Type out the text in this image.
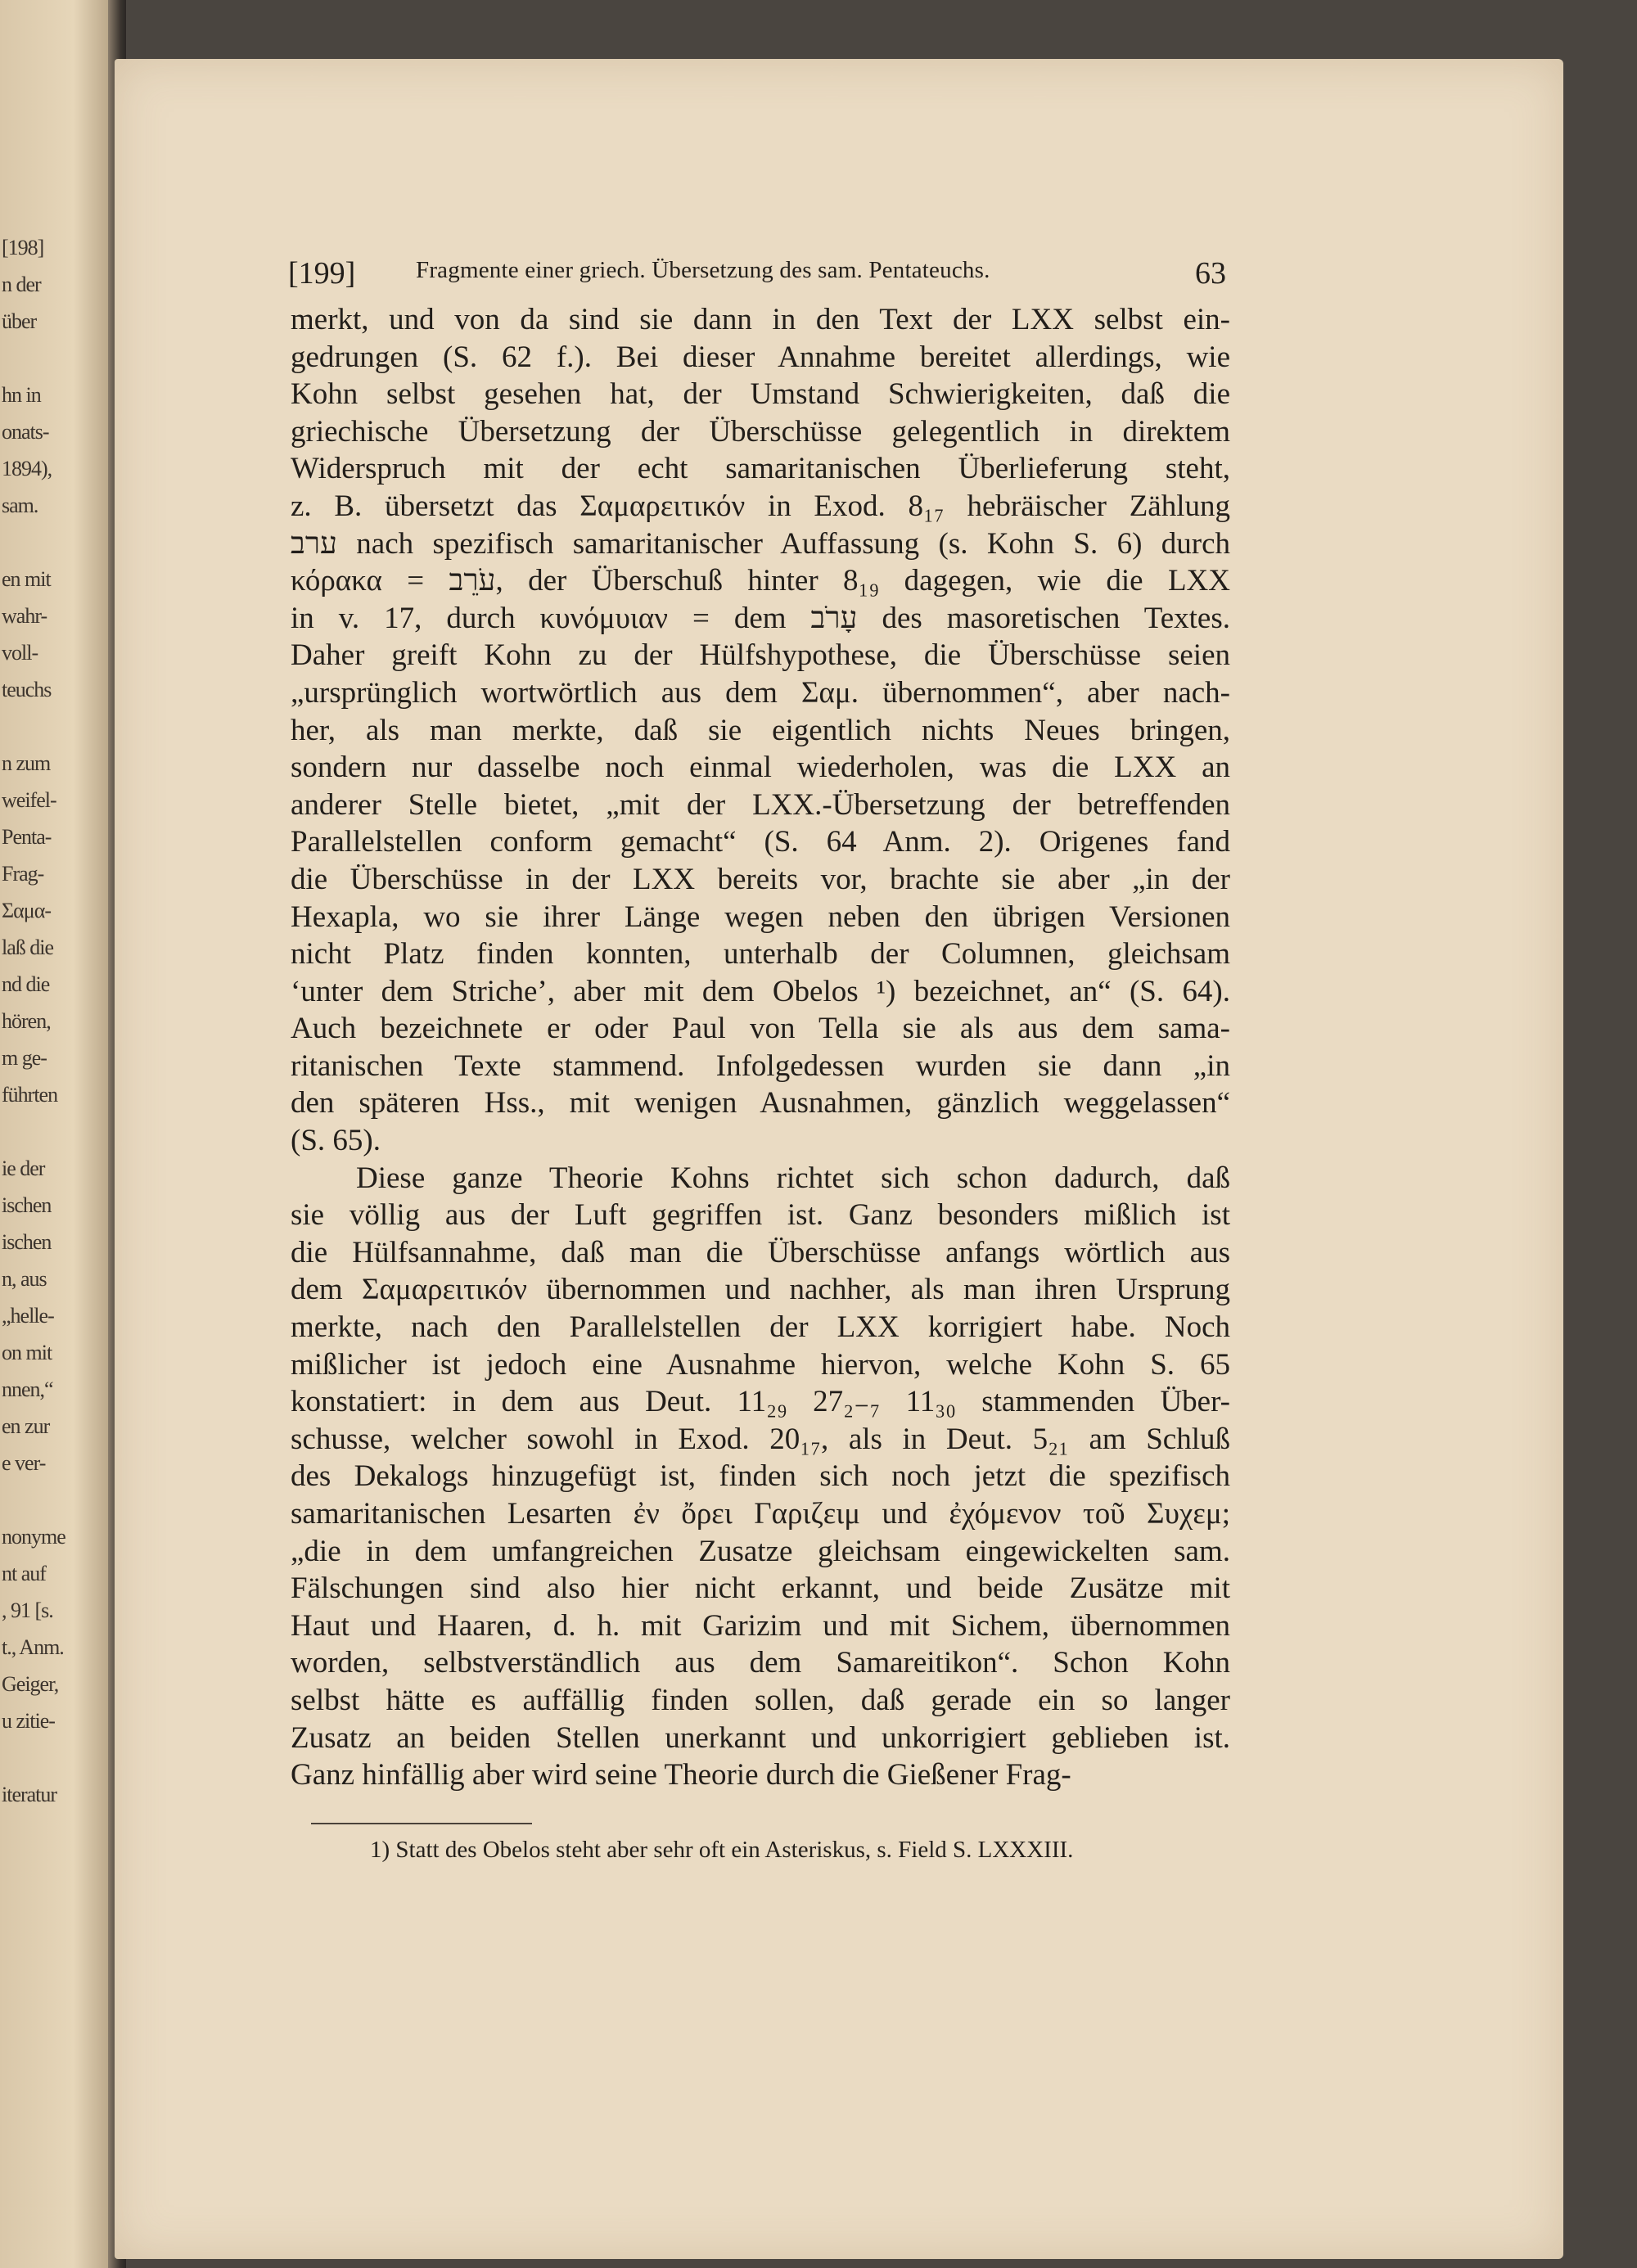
[198]
n der
über
hn in
onats-
1894),
sam.
en mit
wahr-
voll-
teuchs
n zum
weifel-
Penta-
Frag-
Σαμα-
laß die
nd die
hören,
m ge-
führten
ie der
ischen
ischen
n, aus
„helle-
on mit
nnen,“
en zur
e ver-
nonyme
nt auf
, 91 [s.
t., Anm.
Geiger,
u zitie-
iteratur
[199]	Fragmente einer griech. Übersetzung des sam. Pentateuchs.	63
merkt, und von da sind sie dann in den Text der LXX selbst ein-
gedrungen (S. 62 f.). Bei dieser Annahme bereitet allerdings, wie
Kohn selbst gesehen hat, der Umstand Schwierigkeiten, daß die
griechische Übersetzung der Überschüsse gelegentlich in direktem
Widerspruch mit der echt samaritanischen Überlieferung steht,
z. B. übersetzt das Σαμαρειτικόν in Exod. 8₁₇ hebräischer Zählung
ערב nach spezifisch samaritanischer Auffassung (s. Kohn S. 6) durch
κόρακα = עֹרֵב, der Überschuß hinter 8₁₉ dagegen, wie die LXX
in v. 17, durch κυνόμυιαν = dem עָרֹב des masoretischen Textes.
Daher greift Kohn zu der Hülfshypothese, die Überschüsse seien
„ursprünglich wortwörtlich aus dem Σαμ. übernommen“, aber nach-
her, als man merkte, daß sie eigentlich nichts Neues bringen,
sondern nur dasselbe noch einmal wiederholen, was die LXX an
anderer Stelle bietet, „mit der LXX.-Übersetzung der betreffenden
Parallelstellen conform gemacht“ (S. 64 Anm. 2). Origenes fand
die Überschüsse in der LXX bereits vor, brachte sie aber „in der
Hexapla, wo sie ihrer Länge wegen neben den übrigen Versionen
nicht Platz finden konnten, unterhalb der Columnen, gleichsam
‘unter dem Striche’, aber mit dem Obelos ¹) bezeichnet, an“ (S. 64).
Auch bezeichnete er oder Paul von Tella sie als aus dem sama-
ritanischen Texte stammend. Infolgedessen wurden sie dann „in
den späteren Hss., mit wenigen Ausnahmen, gänzlich weggelassen“
(S. 65).
Diese ganze Theorie Kohns richtet sich schon dadurch, daß
sie völlig aus der Luft gegriffen ist. Ganz besonders mißlich ist
die Hülfsannahme, daß man die Überschüsse anfangs wörtlich aus
dem Σαμαρειτικόν übernommen und nachher, als man ihren Ursprung
merkte, nach den Parallelstellen der LXX korrigiert habe. Noch
mißlicher ist jedoch eine Ausnahme hiervon, welche Kohn S. 65
konstatiert: in dem aus Deut. 11₂₉ 27₂₋₇ 11₃₀ stammenden Über-
schusse, welcher sowohl in Exod. 20₁₇, als in Deut. 5₂₁ am Schluß
des Dekalogs hinzugefügt ist, finden sich noch jetzt die spezifisch
samaritanischen Lesarten ἐν ὄρει Γαριζειμ und ἐχόμενον τοῦ Συχεμ;
„die in dem umfangreichen Zusatze gleichsam eingewickelten sam.
Fälschungen sind also hier nicht erkannt, und beide Zusätze mit
Haut und Haaren, d. h. mit Garizim und mit Sichem, übernommen
worden, selbstverständlich aus dem Samareitikon“. Schon Kohn
selbst hätte es auffällig finden sollen, daß gerade ein so langer
Zusatz an beiden Stellen unerkannt und unkorrigiert geblieben ist.
Ganz hinfällig aber wird seine Theorie durch die Gießener Frag-
1) Statt des Obelos steht aber sehr oft ein Asteriskus, s. Field S. LXXXIII.
